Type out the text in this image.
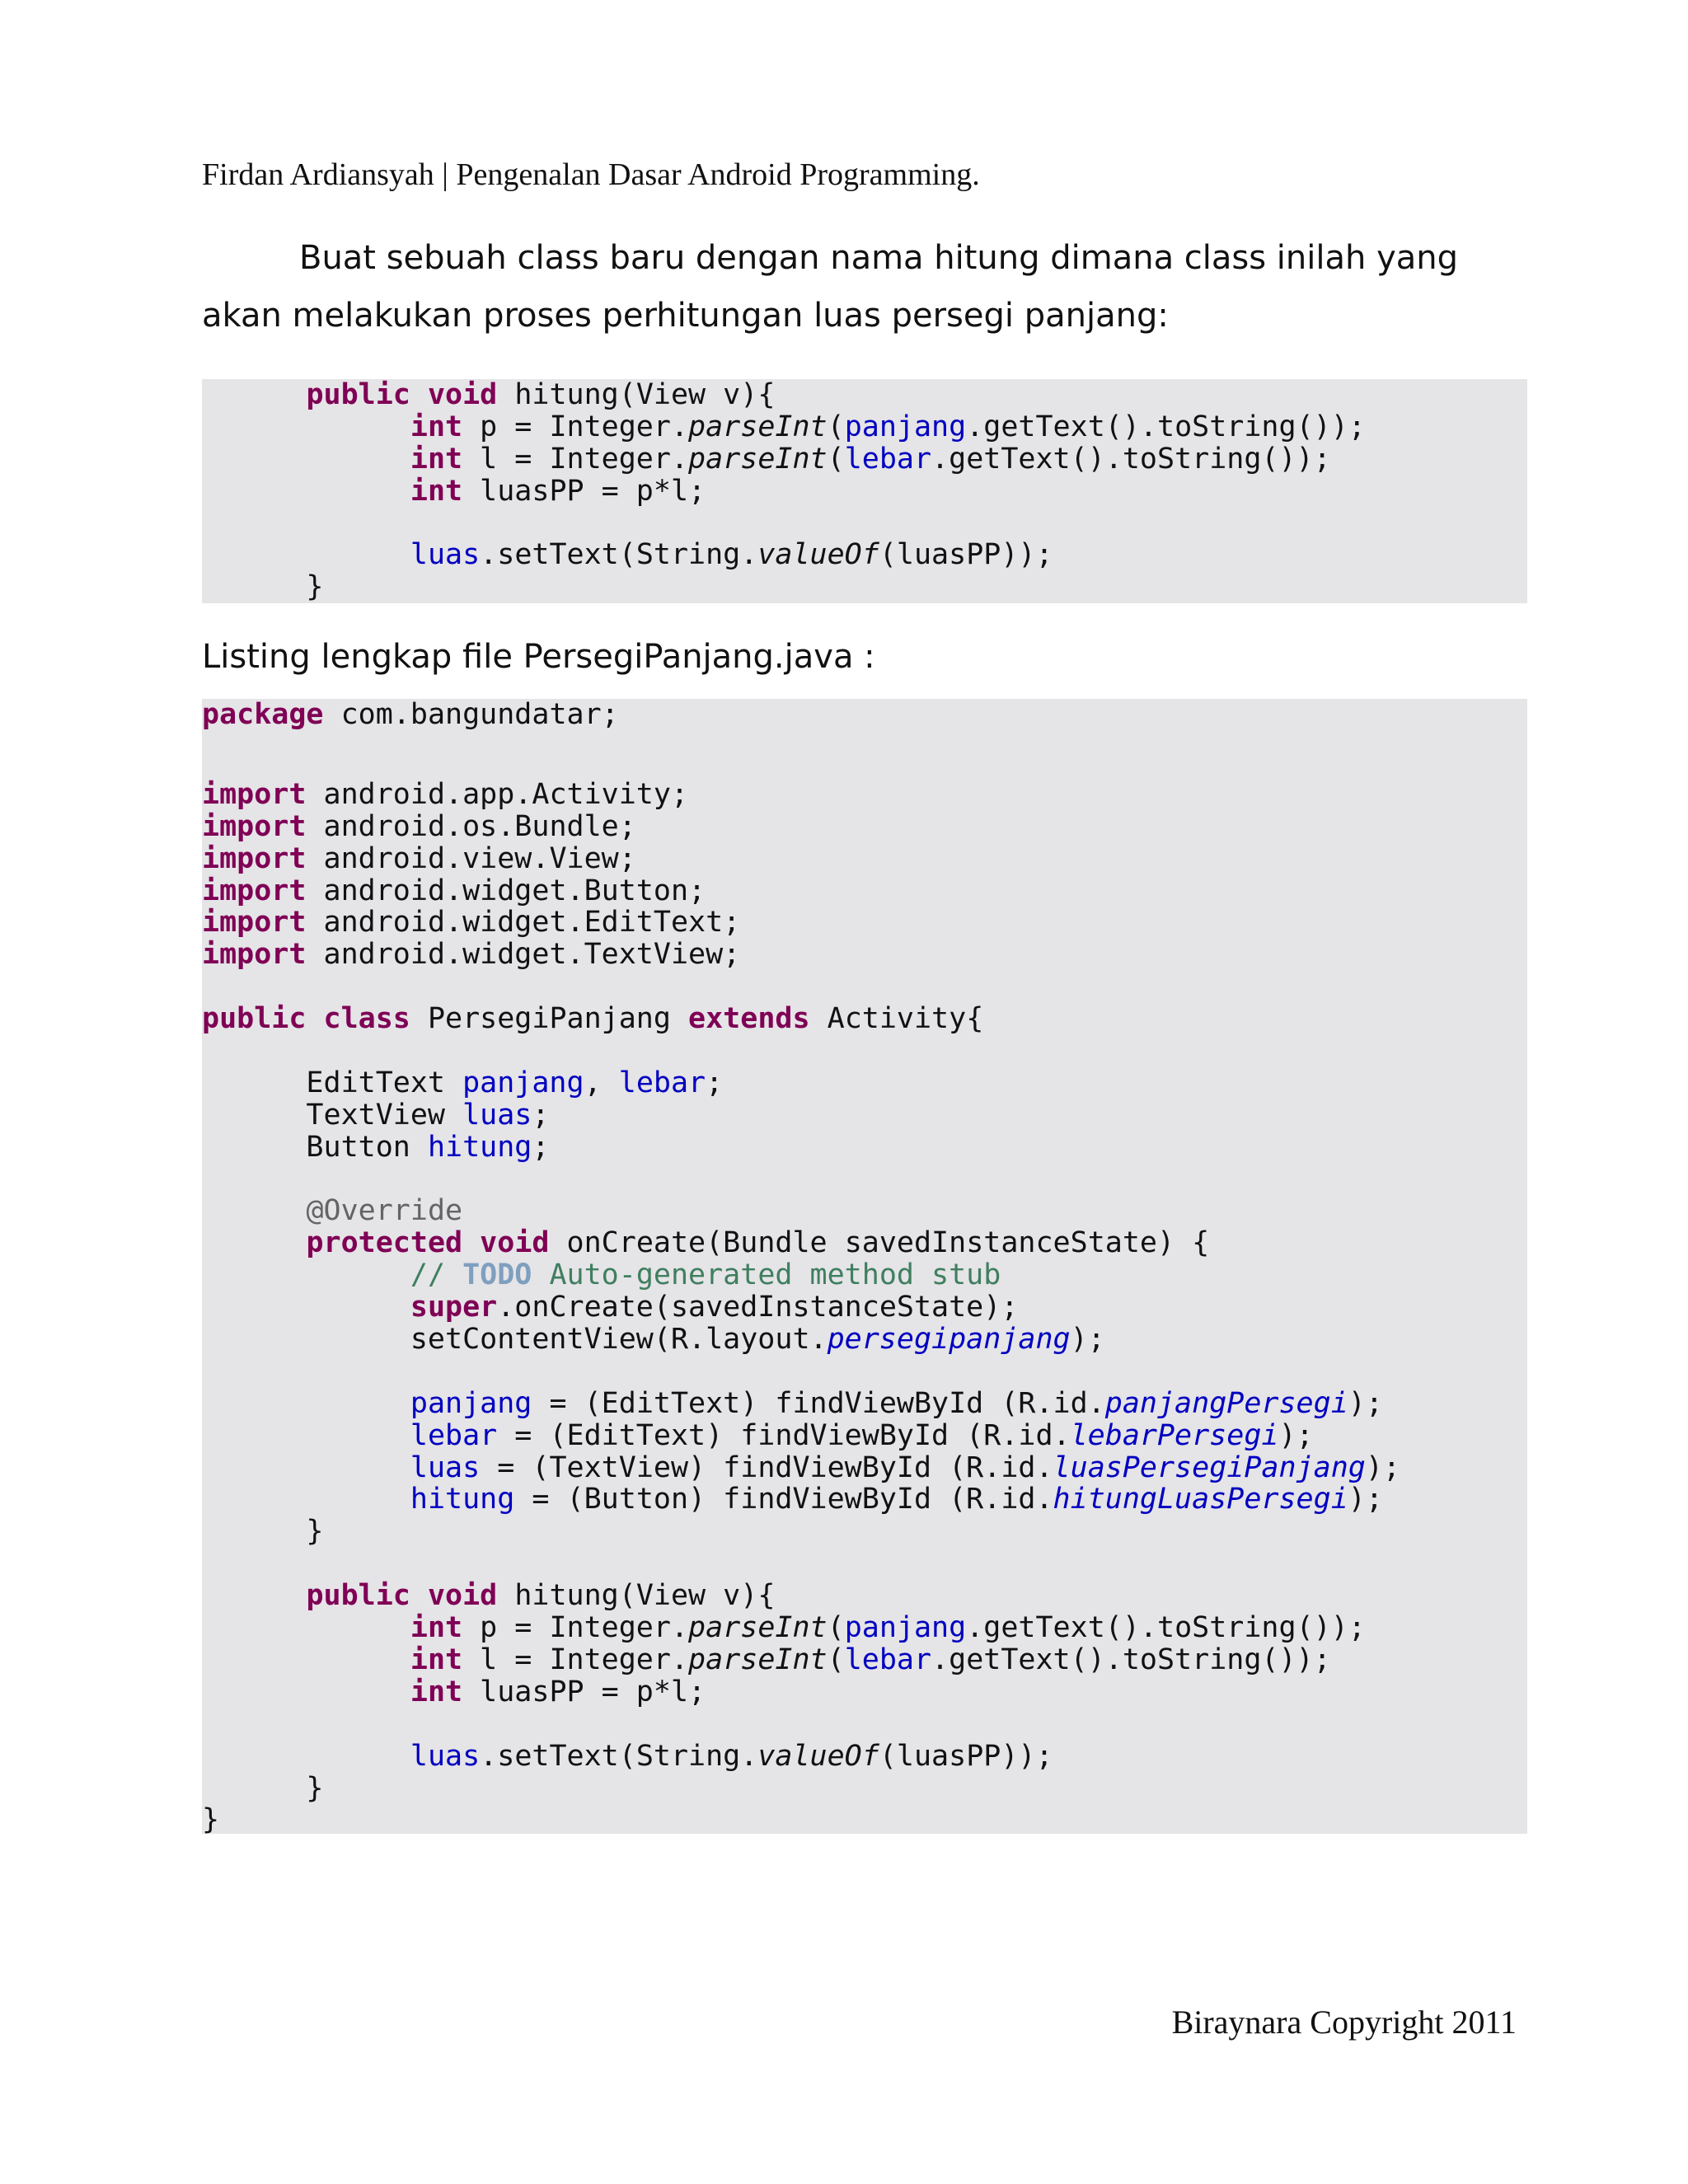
Firdan Ardiansyah | Pengenalan Dasar Android Programming.

Buat sebuah class baru dengan nama hitung dimana class inilah yang akan melakukan proses perhitungan luas persegi panjang:

public void hitung(View v){
int p = Integer.parseInt(panjang.getText().toString());
int l = Integer.parseInt(lebar.getText().toString());
int luasPP = p*l;
luas.setText(String.valueOf(luasPP));
}
Listing lengkap file PersegiPanjang.java :
package com.bangundatar;
import android.app.Activity;
import android.os.Bundle;
import android.view.View;
import android.widget.Button;
import android.widget.EditText;
import android.widget.TextView;
public class PersegiPanjang extends Activity{
EditText panjang, lebar;
TextView luas;
Button hitung;
@Override
protected void onCreate(Bundle savedInstanceState) {
// TODO Auto-generated method stub
super.onCreate(savedInstanceState);
setContentView(R.layout.persegipanjang);
panjang = (EditText) findViewById (R.id.panjangPersegi);
lebar = (EditText) findViewById (R.id.lebarPersegi);
luas = (TextView) findViewById (R.id.luasPersegiPanjang);
hitung = (Button) findViewById (R.id.hitungLuasPersegi);
}
public void hitung(View v){
int p = Integer.parseInt(panjang.getText().toString());
int l = Integer.parseInt(lebar.getText().toString());
int luasPP = p*l;
luas.setText(String.valueOf(luasPP));
}
}
Biraynara Copyright 2011
